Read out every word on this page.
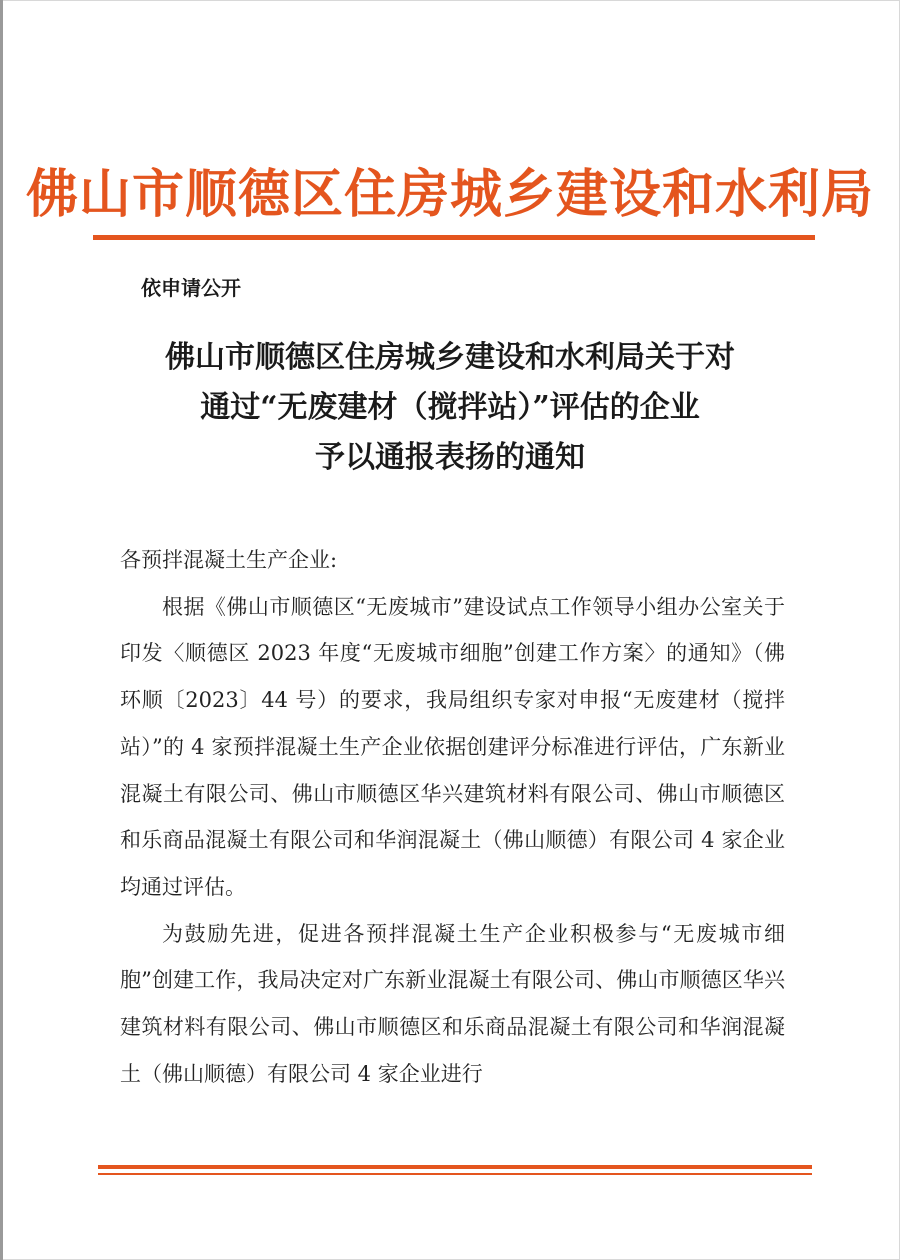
佛山市顺德区住房城乡建设和水利局
依申请公开
佛山市顺德区住房城乡建设和水利局关于对
通过“无废建材（搅拌站）”评估的企业
予以通报表扬的通知

各预拌混凝土生产企业:

根据《佛山市顺德区“无废城市”建设试点工作领导小组办公室关于印发〈顺德区 2023 年度“无废城市细胞”创建工作方案〉的通知》（佛环顺〔2023〕44 号）的要求，我局组织专家对申报“无废建材（搅拌站）”的 4 家预拌混凝土生产企业依据创建评分标准进行评估，广东新业混凝土有限公司、佛山市顺德区华兴建筑材料有限公司、佛山市顺德区和乐商品混凝土有限公司和华润混凝土（佛山顺德）有限公司 4 家企业均通过评估。

为鼓励先进，促进各预拌混凝土生产企业积极参与“无废城市细胞”创建工作，我局决定对广东新业混凝土有限公司、佛山市顺德区华兴建筑材料有限公司、佛山市顺德区和乐商品混凝土有限公司和华润混凝土（佛山顺德）有限公司 4 家企业进行
